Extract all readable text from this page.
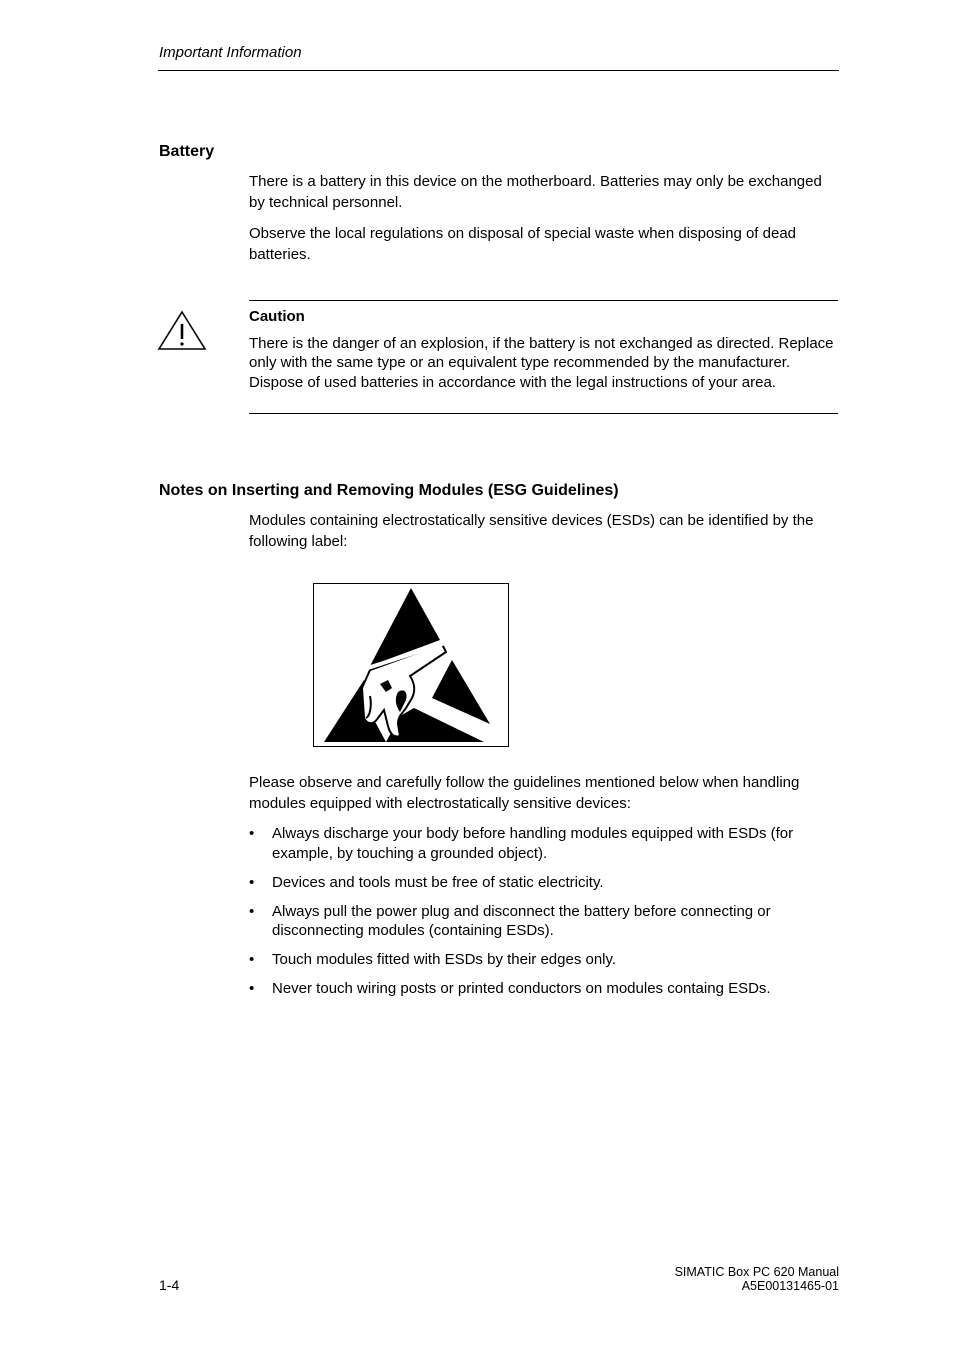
Important Information
Battery
There is a battery in this device on the motherboard. Batteries may only be exchanged by technical personnel.
Observe the local regulations on disposal of special waste when disposing of dead batteries.
Caution
There is the danger of an explosion, if the battery is not exchanged as directed. Replace only with the same type or an equivalent type recommended by the manufacturer. Dispose of used batteries in accordance with the legal instructions of your area.
Notes on Inserting and Removing Modules (ESG Guidelines)
Modules containing electrostatically sensitive devices (ESDs) can be identified by the following label:
Please observe and carefully follow the guidelines mentioned below when handling modules equipped with electrostatically sensitive devices:
• Always discharge your body before handling modules equipped with ESDs (for example, by touching a grounded object).
• Devices and tools must be free of static electricity.
• Always pull the power plug and disconnect the battery before connecting or disconnecting modules (containing ESDs).
• Touch modules fitted with ESDs by their edges only.
• Never touch wiring posts or printed conductors on modules containg ESDs.
1-4
SIMATIC Box PC 620 Manual
A5E00131465-01
